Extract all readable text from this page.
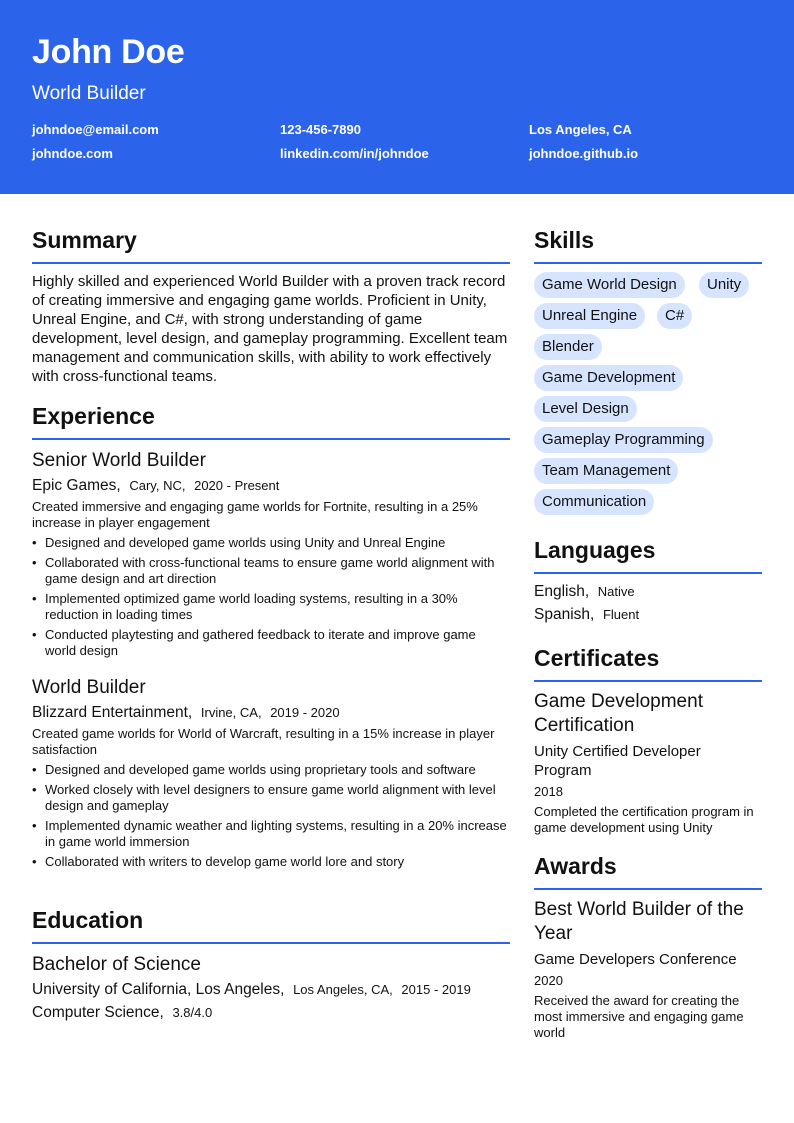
John Doe
World Builder
johndoe@email.com	123-456-7890	Los Angeles, CA
johndoe.com	linkedin.com/in/johndoe	johndoe.github.io
Summary
Highly skilled and experienced World Builder with a proven track record of creating immersive and engaging game worlds. Proficient in Unity, Unreal Engine, and C#, with strong understanding of game development, level design, and gameplay programming. Excellent team management and communication skills, with ability to work effectively with cross-functional teams.
Experience
Senior World Builder
Epic Games, Cary, NC, 2020 - Present
Created immersive and engaging game worlds for Fortnite, resulting in a 25% increase in player engagement
• Designed and developed game worlds using Unity and Unreal Engine
• Collaborated with cross-functional teams to ensure game world alignment with game design and art direction
• Implemented optimized game world loading systems, resulting in a 30% reduction in loading times
• Conducted playtesting and gathered feedback to iterate and improve game world design
World Builder
Blizzard Entertainment, Irvine, CA, 2019 - 2020
Created game worlds for World of Warcraft, resulting in a 15% increase in player satisfaction
• Designed and developed game worlds using proprietary tools and software
• Worked closely with level designers to ensure game world alignment with level design and gameplay
• Implemented dynamic weather and lighting systems, resulting in a 20% increase in game world immersion
• Collaborated with writers to develop game world lore and story
Education
Bachelor of Science
University of California, Los Angeles, Los Angeles, CA, 2015 - 2019
Computer Science, 3.8/4.0
Skills
Game World Design	Unity
Unreal Engine	C#
Blender
Game Development
Level Design
Gameplay Programming
Team Management
Communication
Languages
English, Native
Spanish, Fluent
Certificates
Game Development Certification
Unity Certified Developer Program
2018
Completed the certification program in game development using Unity
Awards
Best World Builder of the Year
Game Developers Conference
2020
Received the award for creating the most immersive and engaging game world
